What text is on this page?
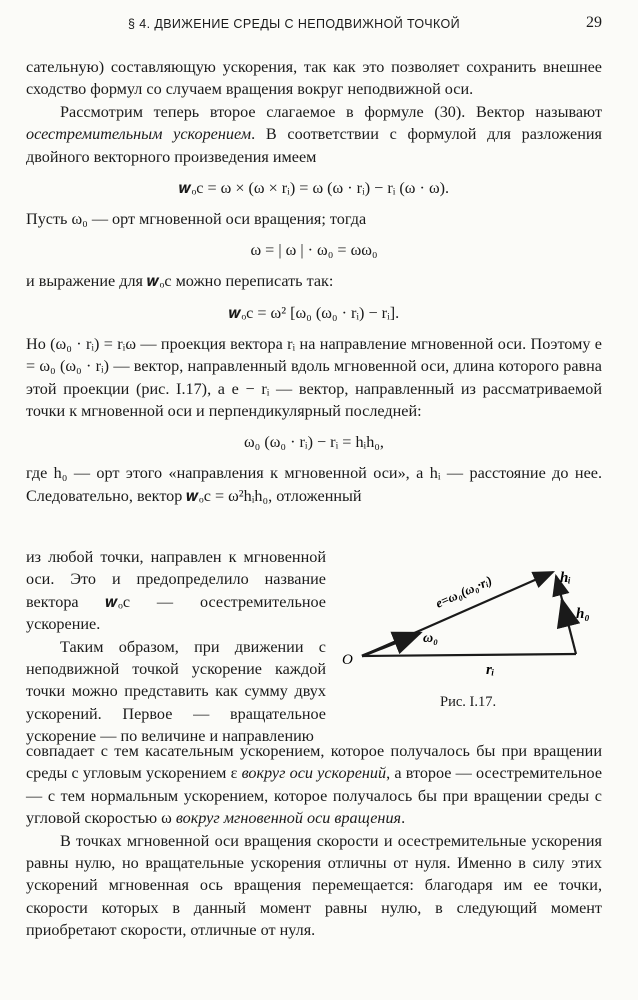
§ 4. ДВИЖЕНИЕ СРЕДЫ С НЕПОДВИЖНОЙ ТОЧКОЙ	29

сательную) составляющую ускорения, так как это позволяет сохранить внешнее сходство формул со случаем вращения вокруг неподвижной оси.

Рассмотрим теперь второе слагаемое в формуле (30). Вектор называют осестремительным ускорением. В соответствии с формулой для разложения двойного векторного произведения имеем

𝒘ₒc = ω × (ω × rᵢ) = ω (ω · rᵢ) − rᵢ (ω · ω).

Пусть ω₀ — орт мгновенной оси вращения; тогда

ω = | ω | · ω₀ = ωω₀

и выражение для 𝒘ₒc можно переписать так:

𝒘ₒc = ω² [ω₀ (ω₀ · rᵢ) − rᵢ].

Но (ω₀ · rᵢ) = rᵢω — проекция вектора rᵢ на направление мгновенной оси. Поэтому e = ω₀ (ω₀ · rᵢ) — вектор, направленный вдоль мгновенной оси, длина которого равна этой проекции (рис. I.17), а e − rᵢ — вектор, направленный из рассматриваемой точки к мгновенной оси и перпендикулярный последней:

ω₀ (ω₀ · rᵢ) − rᵢ = hᵢh₀,

где h₀ — орт этого «направления к мгновенной оси», а hᵢ — расстояние до нее. Следовательно, вектор 𝒘ₒc = ω²hᵢh₀, отложенный

из любой точки, направлен к мгновенной оси. Это и предопределило название вектора 𝒘ₒc — осестремительное ускорение.

Таким образом, при движении с неподвижной точкой ускорение каждой точки можно представить как сумму двух ускорений. Первое — вращательное ускорение — по величине и направлению

совпадает с тем касательным ускорением, которое получалось бы при вращении среды с угловым ускорением ε вокруг оси ускорений, а второе — осестремительное — с тем нормальным ускорением, которое получалось бы при вращении среды с угловой скоростью ω вокруг мгновенной оси вращения.

В точках мгновенной оси вращения скорости и осестремительные ускорения равны нулю, но вращательные ускорения отличны от нуля. Именно в силу этих ускорений мгновенная ось вращения перемещается: благодаря им ее точки, скорости которых в данный момент равны нулю, в следующий момент приобретают скорости, отличные от нуля.

O
ω₀
e=ω₀(ω₀·rᵢ)	hᵢ
h₀
rᵢ
Рис. I.17.
